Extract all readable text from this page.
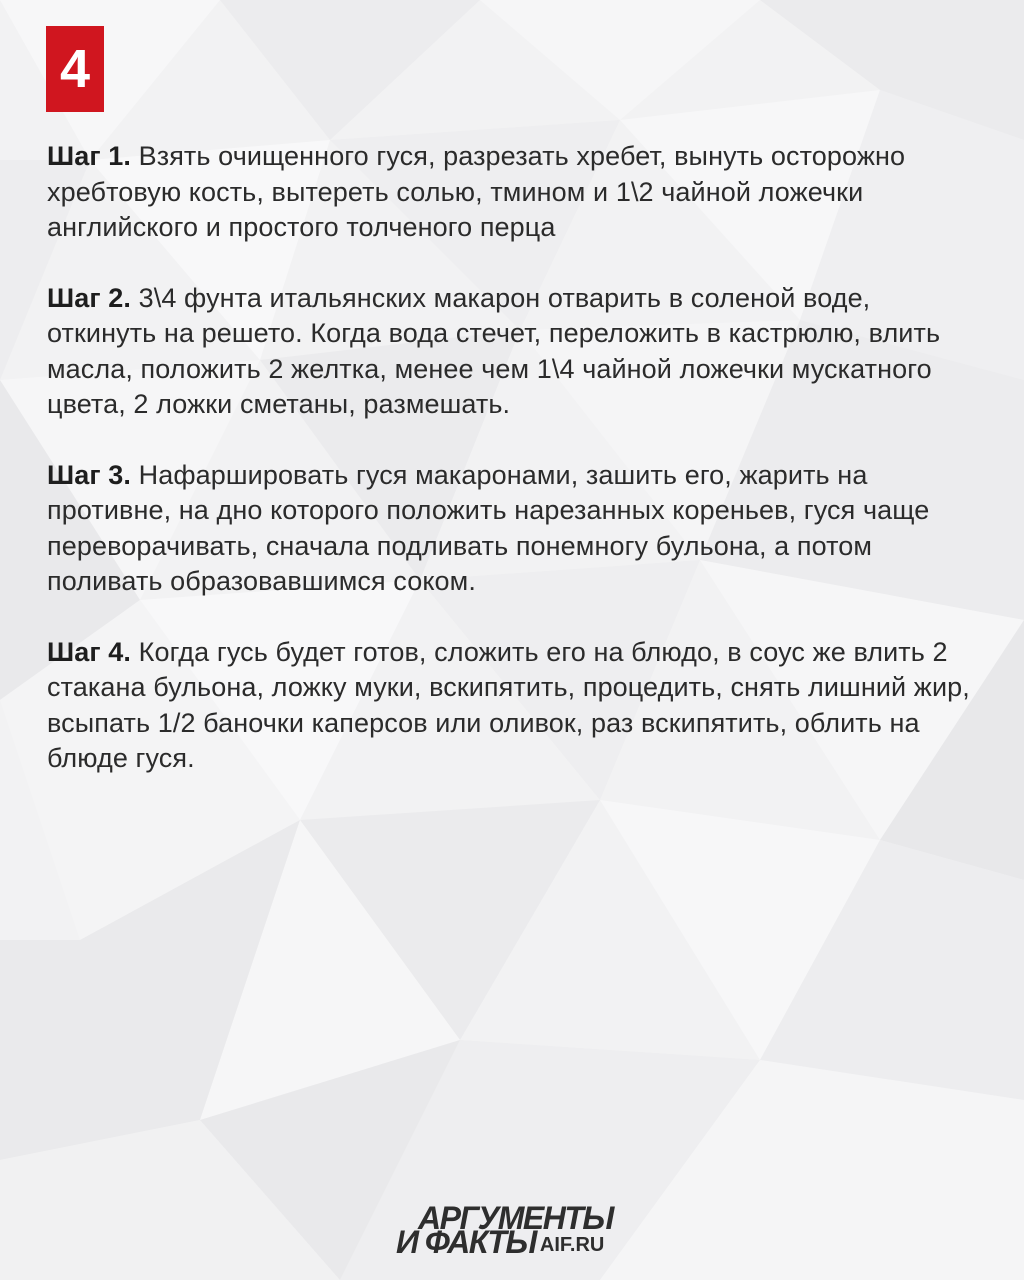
4

Шаг 1. Взять очищенного гуся, разрезать хребет, вынуть осторожно хребтовую кость, вытереть солью, тмином и 1\2 чайной ложечки английского и простого толченого перца

Шаг 2. 3\4 фунта итальянских макарон отварить в соленой воде, откинуть на решето. Когда вода стечет, переложить в кастрюлю, влить масла, положить 2 желтка, менее чем 1\4 чайной ложечки мускатного цвета, 2 ложки сметаны, размешать.

Шаг 3. Нафаршировать гуся макаронами, зашить его, жарить на противне, на дно которого положить нарезанных кореньев, гуся чаще переворачивать, сначала подливать понемногу бульона, а потом поливать образовавшимся соком.

Шаг 4. Когда гусь будет готов, сложить его на блюдо, в соус же влить 2 стакана бульона, ложку муки, вскипятить, процедить, снять лишний жир, всыпать 1/2 баночки каперсов или оливок, раз вскипятить, облить на блюде гуся.

АРГУМЕНТЫ
И ФАКТЫ AIF.RU
